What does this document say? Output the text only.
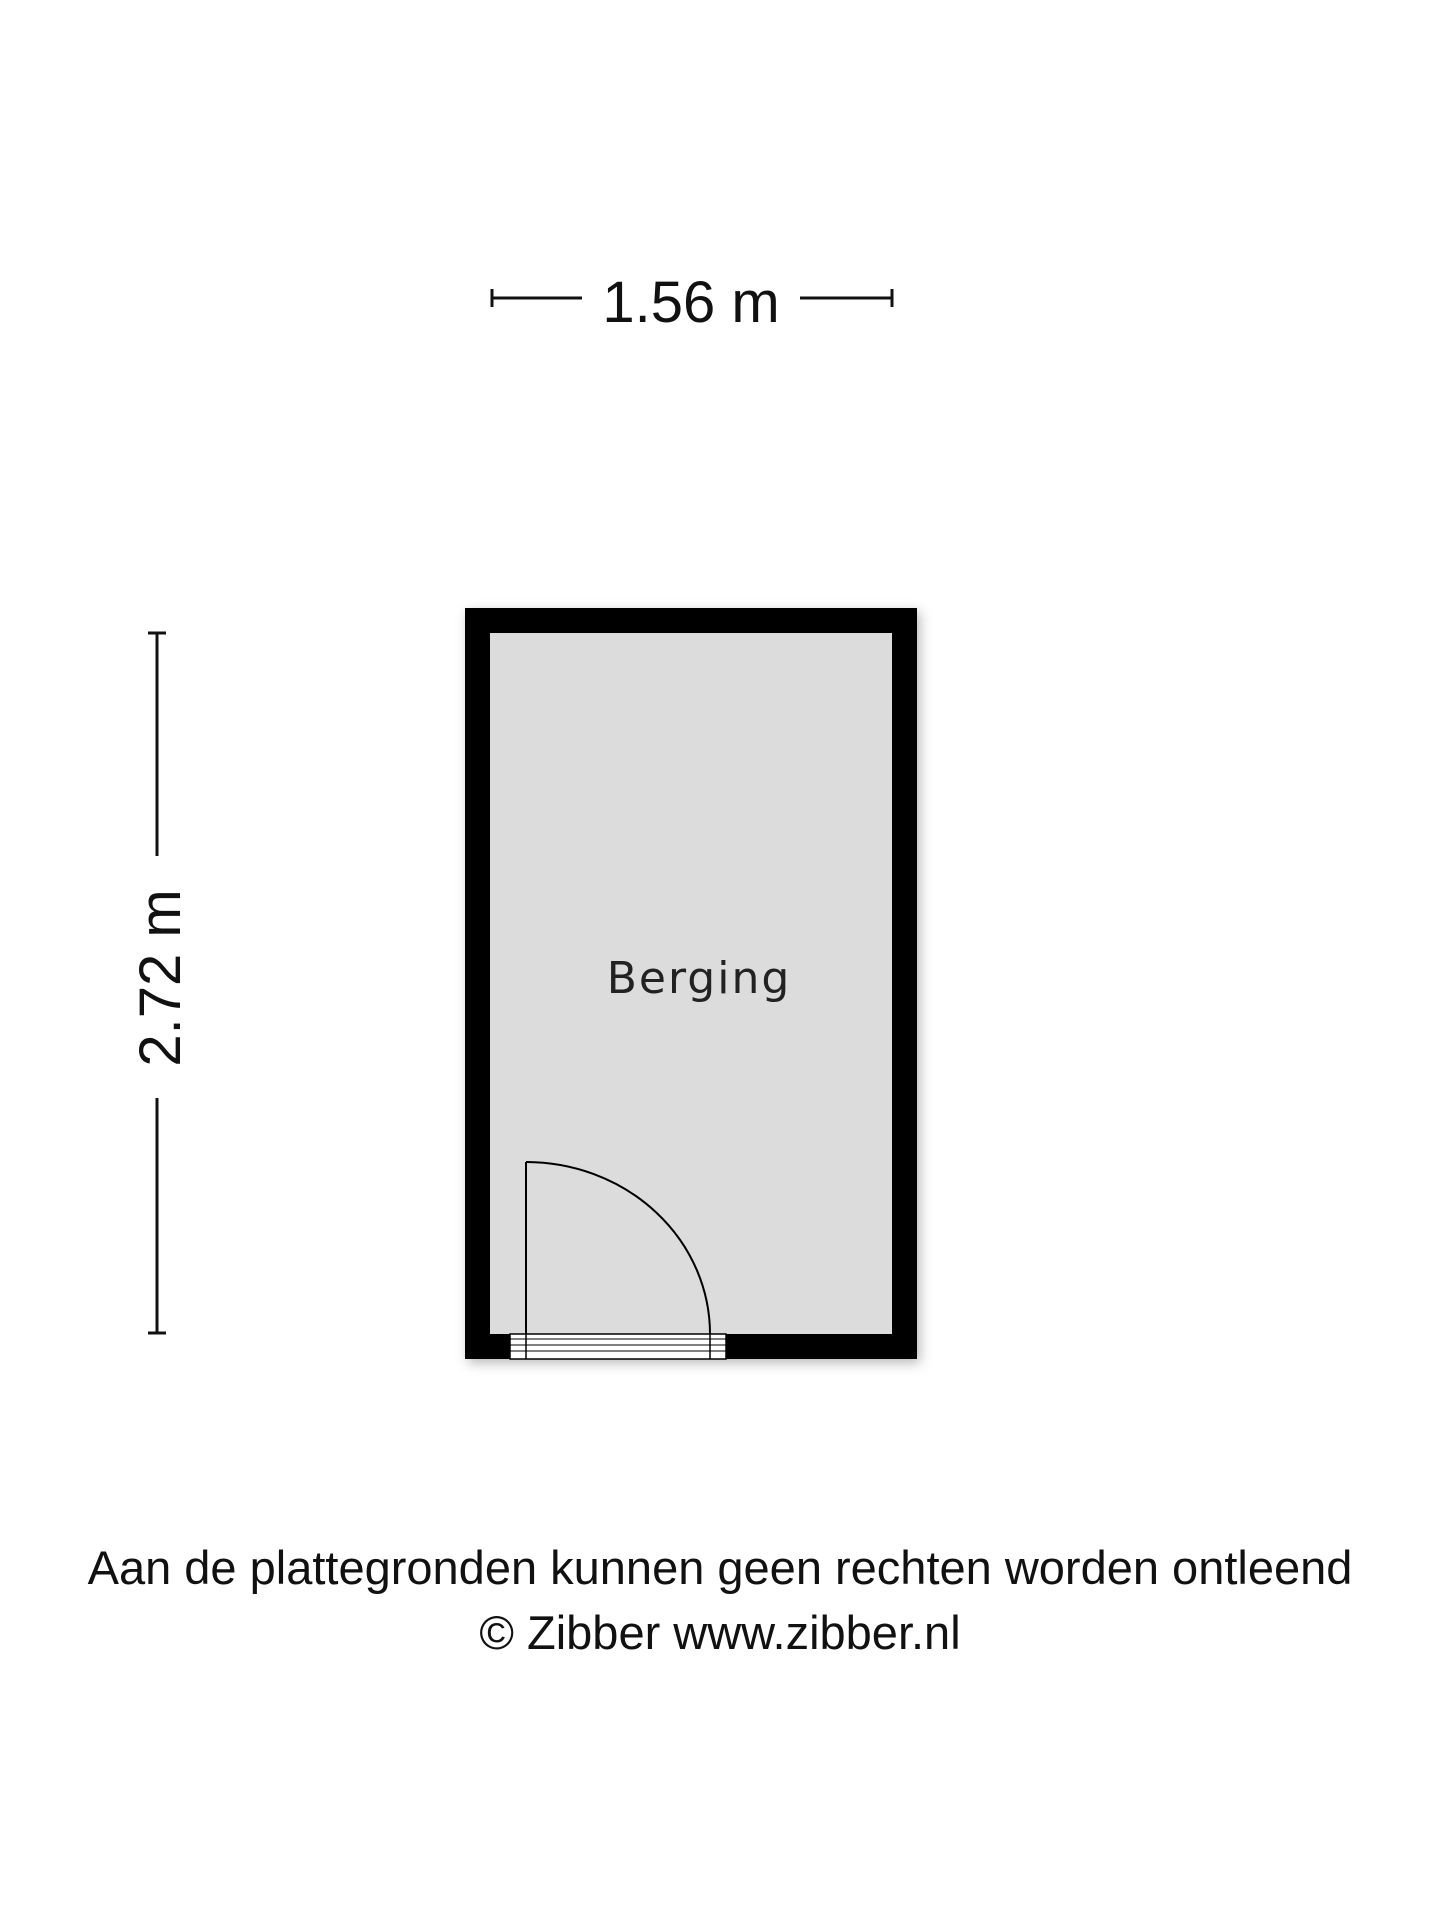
1.56 m
2.72 m	Berging
Aan de plattegronden kunnen geen rechten worden ontleend
© Zibber www.zibber.nl
